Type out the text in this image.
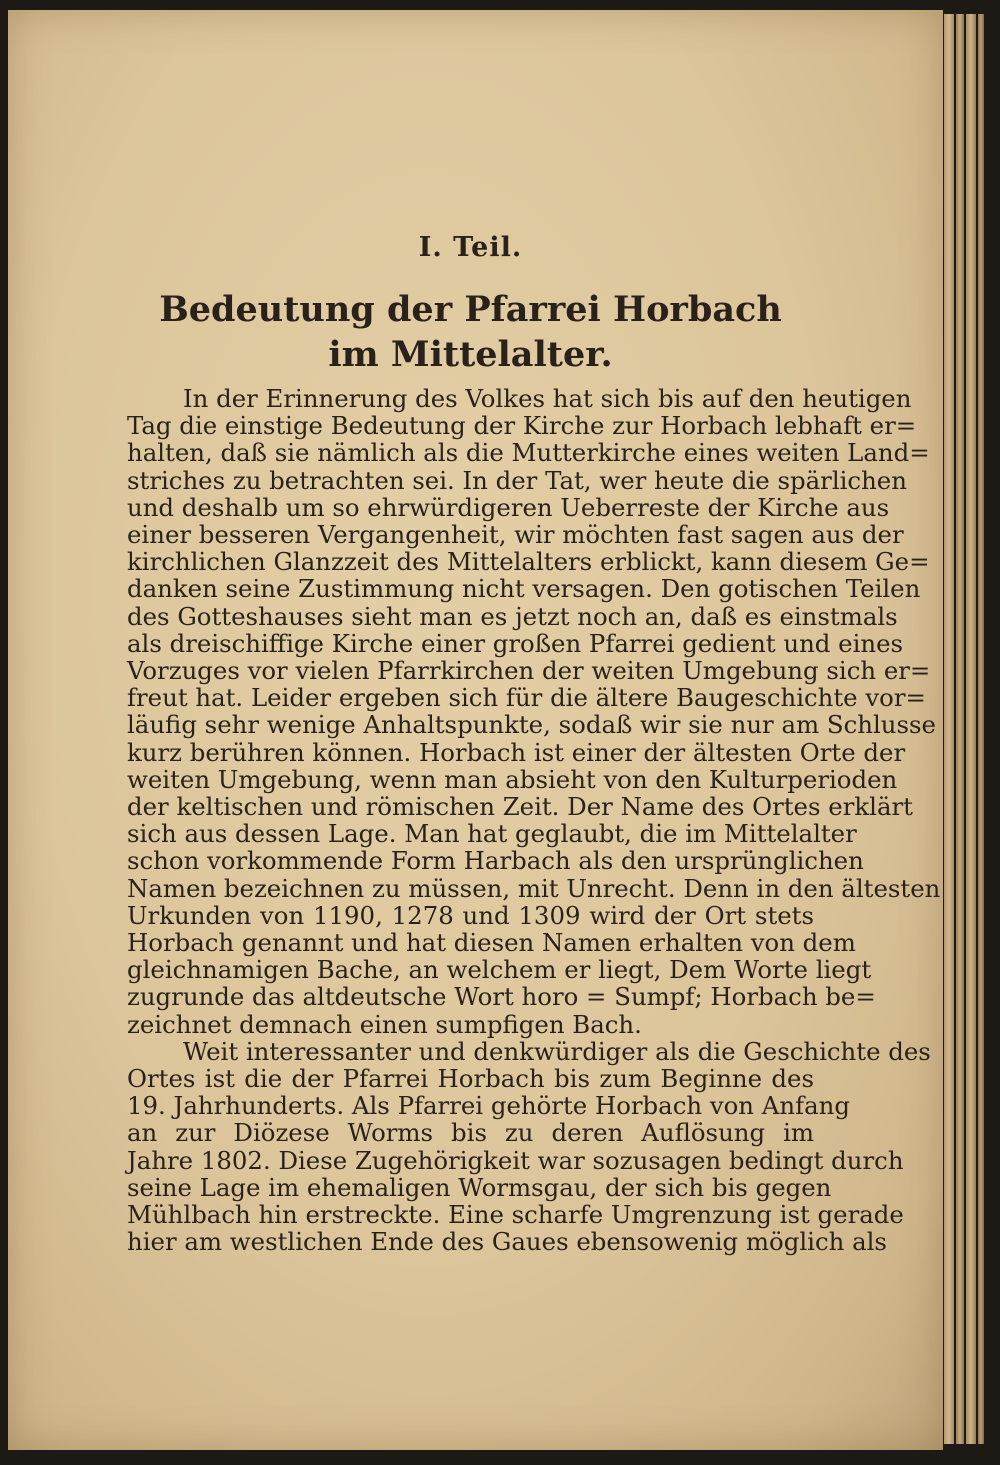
I. Teil.
Bedeutung der Pfarrei Horbach
im Mittelalter.

In der Erinnerung des Volkes hat sich bis auf den heutigen
Tag die einstige Bedeutung der Kirche zur Horbach lebhaft er=
halten, daß sie nämlich als die Mutterkirche eines weiten Land=
striches zu betrachten sei. In der Tat, wer heute die spärlichen
und deshalb um so ehrwürdigeren Ueberreste der Kirche aus
einer besseren Vergangenheit, wir möchten fast sagen aus der
kirchlichen Glanzzeit des Mittelalters erblickt, kann diesem Ge=
danken seine Zustimmung nicht versagen. Den gotischen Teilen
des Gotteshauses sieht man es jetzt noch an, daß es einstmals
als dreischiffige Kirche einer großen Pfarrei gedient und eines
Vorzuges vor vielen Pfarrkirchen der weiten Umgebung sich er=
freut hat. Leider ergeben sich für die ältere Baugeschichte vor=
läufig sehr wenige Anhaltspunkte, sodaß wir sie nur am Schlusse
kurz berühren können. Horbach ist einer der ältesten Orte der
weiten Umgebung, wenn man absieht von den Kulturperioden
der keltischen und römischen Zeit. Der Name des Ortes erklärt
sich aus dessen Lage. Man hat geglaubt, die im Mittelalter
schon vorkommende Form Harbach als den ursprünglichen
Namen bezeichnen zu müssen, mit Unrecht. Denn in den ältesten
Urkunden von 1190, 1278 und 1309 wird der Ort stets
Horbach genannt und hat diesen Namen erhalten von dem
gleichnamigen Bache, an welchem er liegt, Dem Worte liegt
zugrunde das altdeutsche Wort horo = Sumpf; Horbach be=
zeichnet demnach einen sumpfigen Bach.

Weit interessanter und denkwürdiger als die Geschichte des
Ortes ist die der Pfarrei Horbach bis zum Beginne des
19. Jahrhunderts. Als Pfarrei gehörte Horbach von Anfang
an zur Diözese Worms bis zu deren Auflösung im
Jahre 1802. Diese Zugehörigkeit war sozusagen bedingt durch
seine Lage im ehemaligen Wormsgau, der sich bis gegen
Mühlbach hin erstreckte. Eine scharfe Umgrenzung ist gerade
hier am westlichen Ende des Gaues ebensowenig möglich als
